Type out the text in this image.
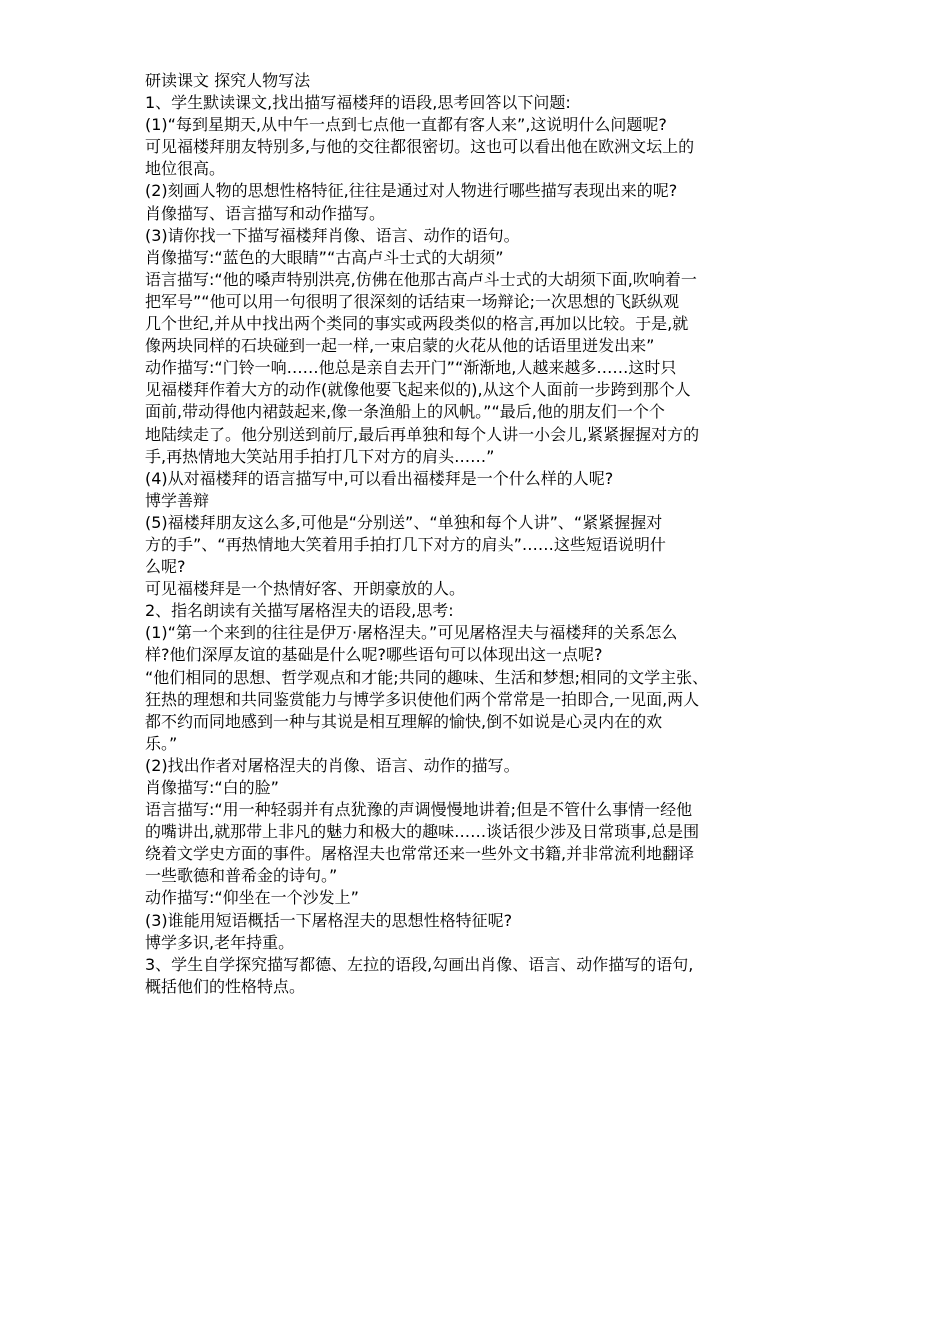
研读课文 探究人物写法
1、学生默读课文,找出描写福楼拜的语段,思考回答以下问题:
(1)“每到星期天,从中午一点到七点他一直都有客人来”,这说明什么问题呢?
可见福楼拜朋友特别多,与他的交往都很密切。这也可以看出他在欧洲文坛上的
地位很高。
(2)刻画人物的思想性格特征,往往是通过对人物进行哪些描写表现出来的呢?
肖像描写、语言描写和动作描写。
(3)请你找一下描写福楼拜肖像、语言、动作的语句。
肖像描写:“蓝色的大眼睛”“古高卢斗士式的大胡须”
语言描写:“他的嗓声特别洪亮,仿佛在他那古高卢斗士式的大胡须下面,吹响着一
把军号”“他可以用一句很明了很深刻的话结束一场辩论;一次思想的飞跃纵观
几个世纪,并从中找出两个类同的事实或两段类似的格言,再加以比较。于是,就
像两块同样的石块碰到一起一样,一束启蒙的火花从他的话语里迸发出来”
动作描写:“门铃一响……他总是亲自去开门”“渐渐地,人越来越多……这时只
见福楼拜作着大方的动作(就像他要飞起来似的),从这个人面前一步跨到那个人
面前,带动得他内裙鼓起来,像一条渔船上的风帆。”“最后,他的朋友们一个个
地陆续走了。他分别送到前厅,最后再单独和每个人讲一小会儿,紧紧握握对方的
手,再热情地大笑站用手拍打几下对方的肩头……”
(4)从对福楼拜的语言描写中,可以看出福楼拜是一个什么样的人呢?
博学善辩
(5)福楼拜朋友这么多,可他是“分别送”、“单独和每个人讲”、“紧紧握握对
方的手”、“再热情地大笑着用手拍打几下对方的肩头”……这些短语说明什
么呢?
可见福楼拜是一个热情好客、开朗豪放的人。
2、指名朗读有关描写屠格涅夫的语段,思考:
(1)“第一个来到的往往是伊万·屠格涅夫。”可见屠格涅夫与福楼拜的关系怎么
样?他们深厚友谊的基础是什么呢?哪些语句可以体现出这一点呢?
“他们相同的思想、哲学观点和才能;共同的趣味、生活和梦想;相同的文学主张、
狂热的理想和共同鉴赏能力与博学多识使他们两个常常是一拍即合,一见面,两人
都不约而同地感到一种与其说是相互理解的愉快,倒不如说是心灵内在的欢
乐。”
(2)找出作者对屠格涅夫的肖像、语言、动作的描写。
肖像描写:“白的脸”
语言描写:“用一种轻弱并有点犹豫的声调慢慢地讲着;但是不管什么事情一经他
的嘴讲出,就那带上非凡的魅力和极大的趣味……谈话很少涉及日常琐事,总是围
绕着文学史方面的事件。屠格涅夫也常常还来一些外文书籍,并非常流利地翻译
一些歌德和普希金的诗句。”
动作描写:“仰坐在一个沙发上”
(3)谁能用短语概括一下屠格涅夫的思想性格特征呢?
博学多识,老年持重。
3、学生自学探究描写都德、左拉的语段,勾画出肖像、语言、动作描写的语句,
概括他们的性格特点。
